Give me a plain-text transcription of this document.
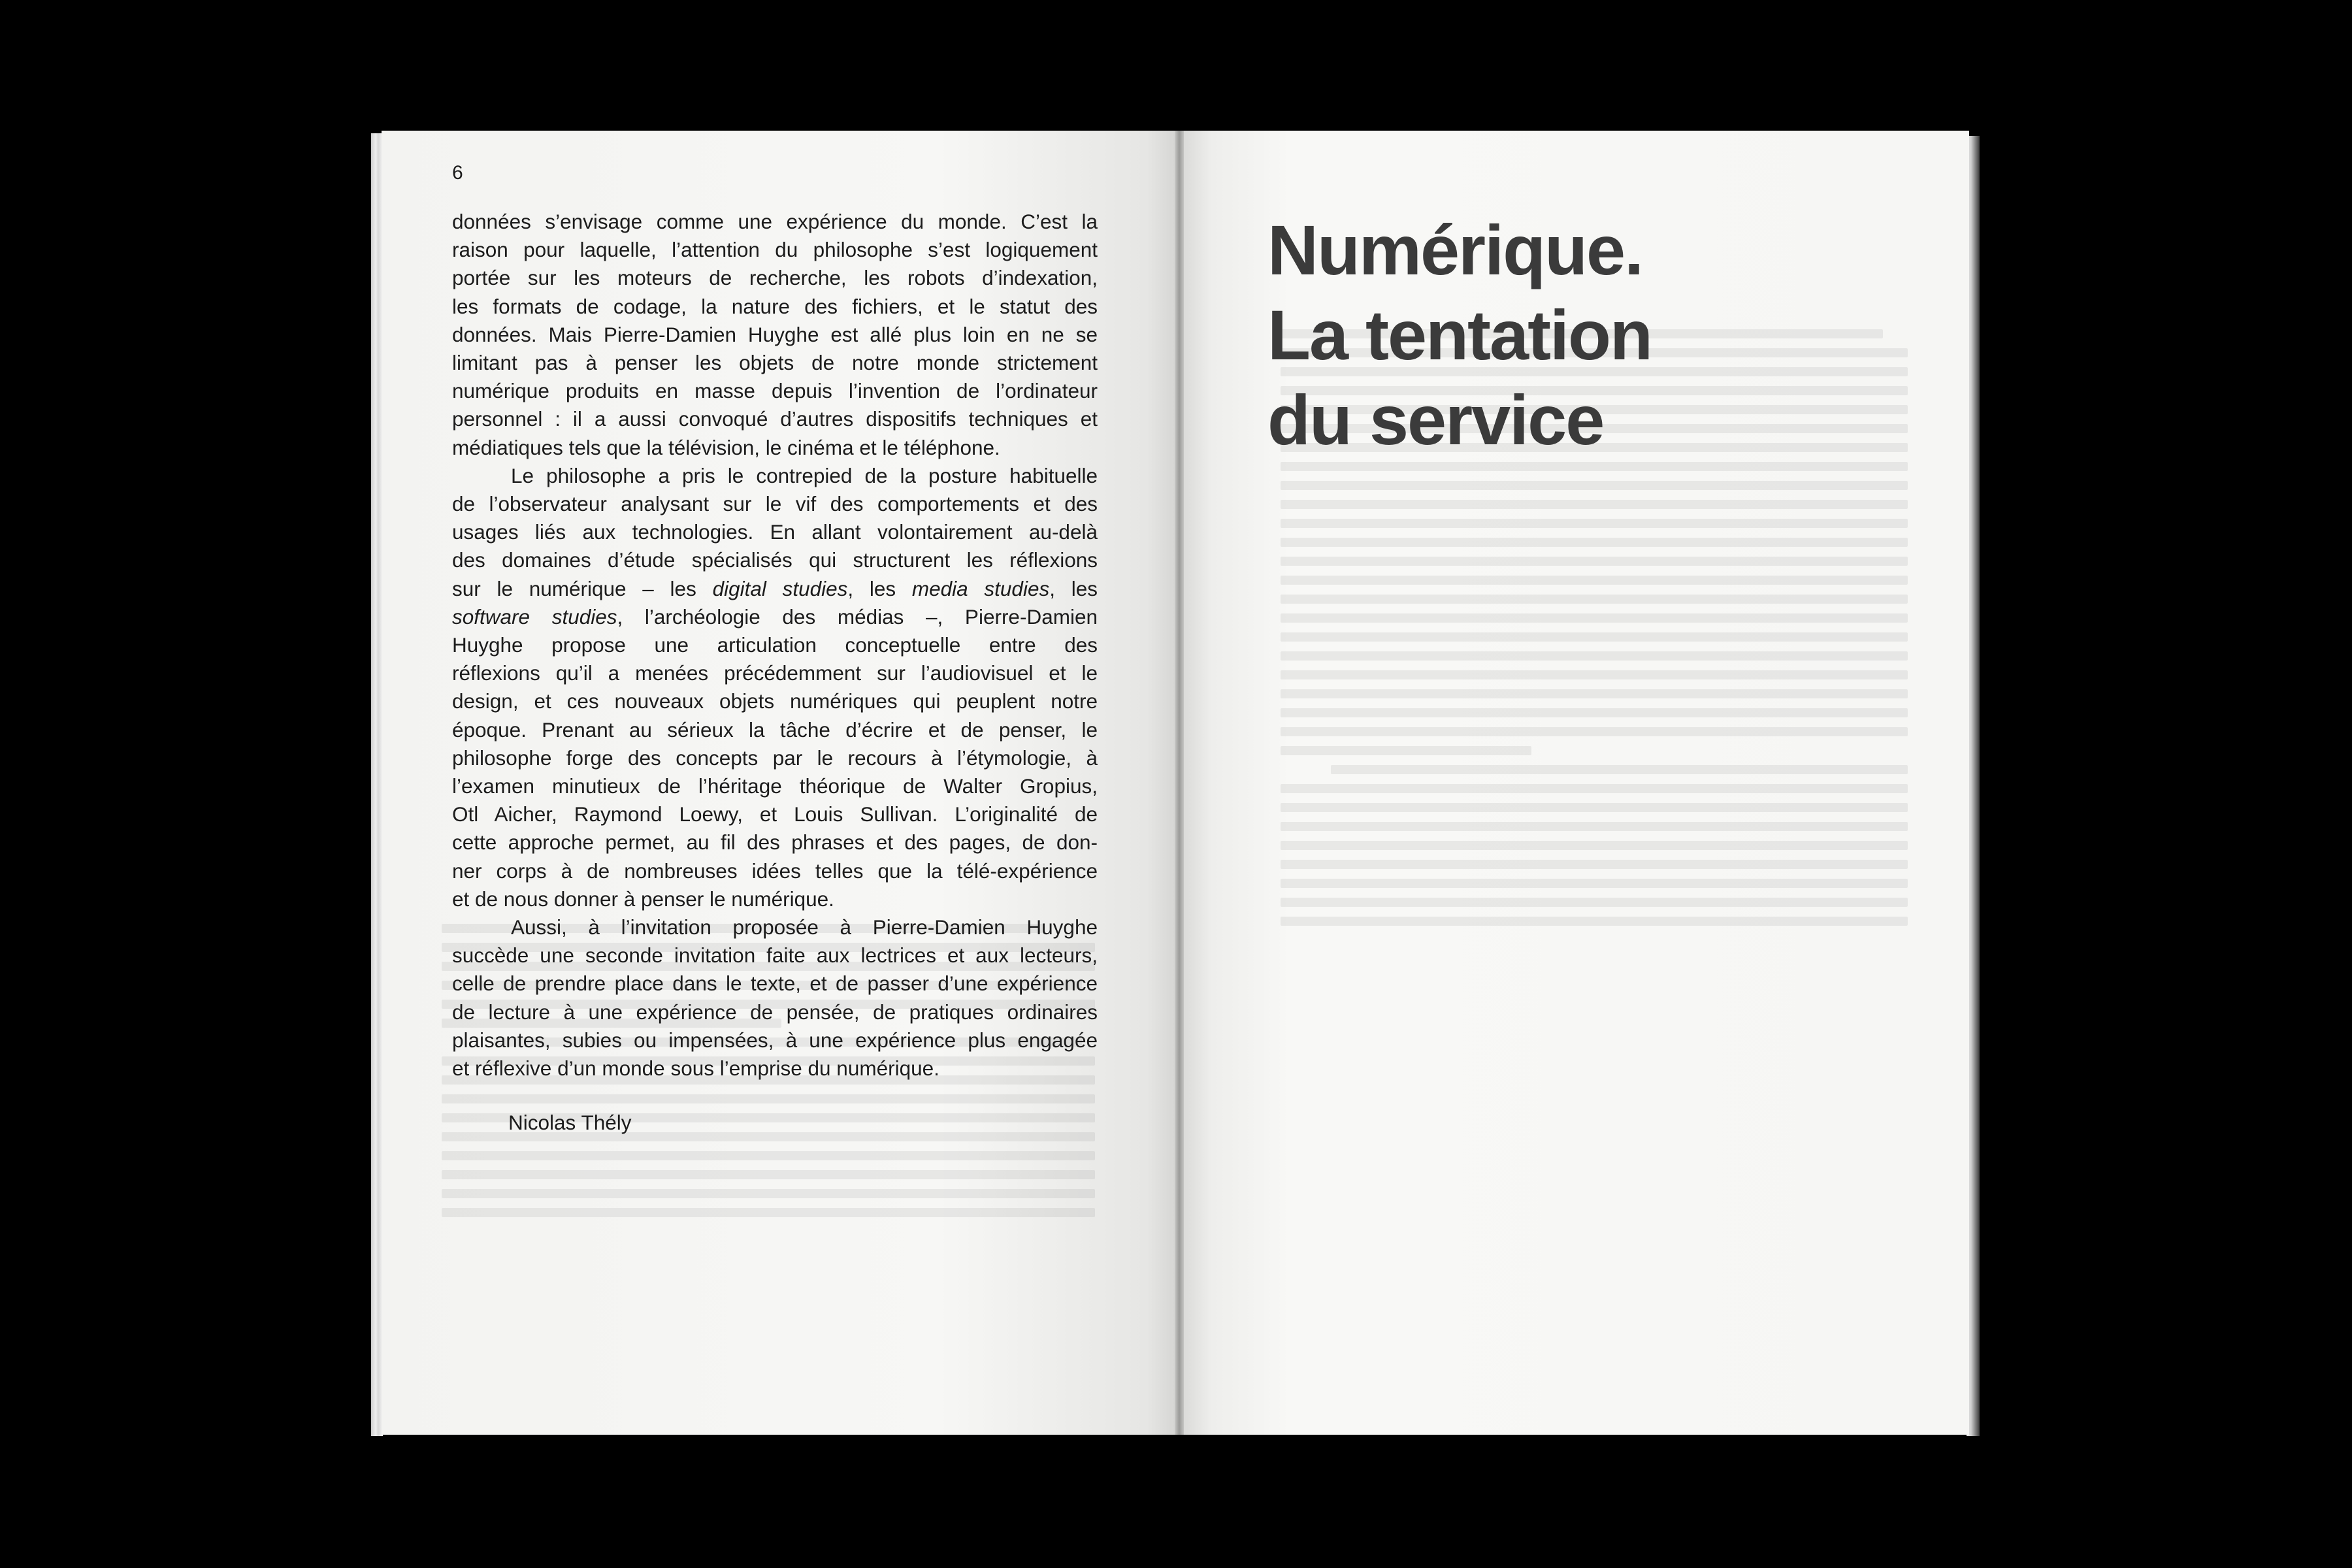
6
données s’envisage comme une expérience du monde. C’est la
raison pour laquelle, l’attention du philosophe s’est logiquement
portée sur les moteurs de recherche, les robots d’indexation,
les formats de codage, la nature des fichiers, et le statut des
données. Mais Pierre-Damien Huyghe est allé plus loin en ne se
limitant pas à penser les objets de notre monde strictement
numérique produits en masse depuis l’invention de l’ordinateur
personnel : il a aussi convoqué d’autres dispositifs techniques et
médiatiques tels que la télévision, le cinéma et le téléphone.
Le philosophe a pris le contrepied de la posture habituelle
de l’observateur analysant sur le vif des comportements et des
usages liés aux technologies. En allant volontairement au-delà
des domaines d’étude spécialisés qui structurent les réflexions
sur le numérique – les digital studies, les media studies, les
software studies, l’archéologie des médias –, Pierre-Damien
Huyghe propose une articulation conceptuelle entre des
réflexions qu’il a menées précédemment sur l’audiovisuel et le
design, et ces nouveaux objets numériques qui peuplent notre
époque. Prenant au sérieux la tâche d’écrire et de penser, le
philosophe forge des concepts par le recours à l’étymologie, à
l’examen minutieux de l’héritage théorique de Walter Gropius,
Otl Aicher, Raymond Loewy, et Louis Sullivan. L’originalité de
cette approche permet, au fil des phrases et des pages, de don-
ner corps à de nombreuses idées telles que la télé-expérience
et de nous donner à penser le numérique.
Aussi, à l’invitation proposée à Pierre-Damien Huyghe
succède une seconde invitation faite aux lectrices et aux lecteurs,
celle de prendre place dans le texte, et de passer d’une expérience
de lecture à une expérience de pensée, de pratiques ordinaires
plaisantes, subies ou impensées, à une expérience plus engagée
et réflexive d’un monde sous l’emprise du numérique.
Nicolas Thély
Numérique.
La tentation
du service
